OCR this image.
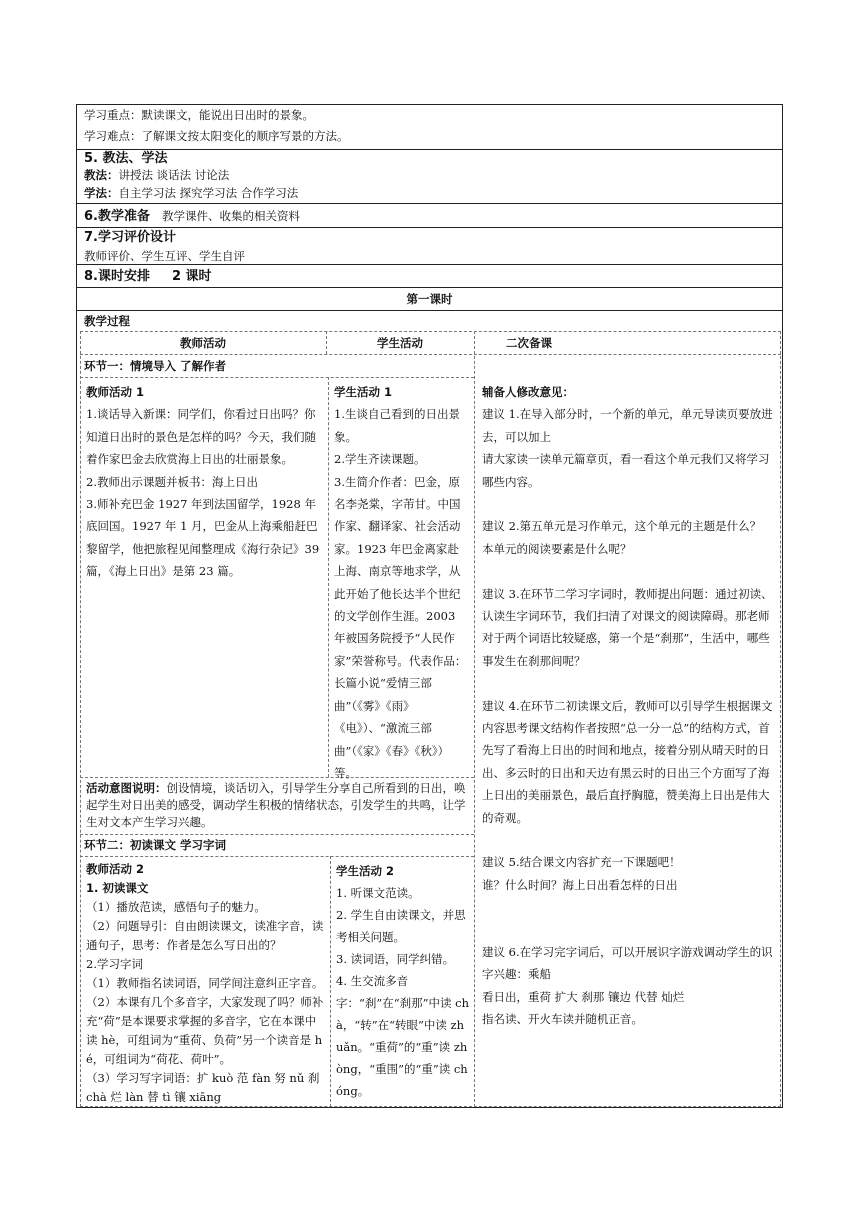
学习重点：默读课文，能说出日出时的景象。
学习难点：了解课文按太阳变化的顺序写景的方法。
5. 教法、学法
教法：讲授法 谈话法 讨论法
学法：自主学习法 探究学习法 合作学习法
6.教学准备 教学课件、收集的相关资料
7.学习评价设计
教师评价、学生互评、学生自评
8.课时安排 2 课时
第一课时
教学过程
教师活动	学生活动	二次备课
环节一：情境导入 了解作者

教师活动 1

1.谈话导入新课：同学们，你看过日出吗？你知道日出时的景色是怎样的吗？今天，我们随着作家巴金去欣赏海上日出的壮丽景象。

2.教师出示课题并板书：海上日出

3.师补充巴金 1927 年到法国留学，1928 年底回国。1927 年 1 月，巴金从上海乘船赶巴黎留学，他把旅程见闻整理成《海行杂记》39 篇，《海上日出》是第 23 篇。

学生活动 1

1.生谈自己看到的日出景象。

2.学生齐读课题。

3.生简介作者：巴金，原名李尧棠，字芾甘。中国作家、翻译家、社会活动家。1923 年巴金离家赴上海、南京等地求学，从此开始了他长达半个世纪的文学创作生涯。2003 年被国务院授予“人民作家”荣誉称号。代表作品：长篇小说“爱情三部曲”（《雾》《雨》《电》）、“激流三部曲”（《家》《春》《秋》）等。

活动意图说明：创设情境，谈话切入，引导学生分享自己所看到的日出，唤起学生对日出美的感受，调动学生积极的情绪状态，引发学生的共鸣，让学生对文本产生学习兴趣。
环节二：初读课文 学习字词

教师活动 2

1. 初读课文

（1）播放范读，感悟句子的魅力。

（2）问题导引：自由朗读课文，读准字音，读通句子，思考：作者是怎么写日出的？

2.学习字词

（1）教师指名读词语，同学间注意纠正字音。

（2）本课有几个多音字，大家发现了吗？师补充“荷”是本课要求掌握的多音字，它在本课中读 hè，可组词为“重荷、负荷”另一个读音是 hé，可组词为“荷花、荷叶”。

（3）学习写字词语：扩 kuò 范 fàn 努 nǔ 刹 chà 烂 làn 替 tì 镶 xiāng

学生活动 2

1. 听课文范读。

2. 学生自由读课文，并思考相关问题。

3. 读词语，同学纠错。

4. 生交流多音字：“刹”在“刹那”中读 chà，“转”在“转眼”中读 zhuǎn。“重荷”的“重”读 zhòng，“重围”的“重”读 chóng。

辅备人修改意见：

建议 1.在导入部分时，一个新的单元，单元导读页要放进去，可以加上

请大家读一读单元篇章页，看一看这个单元我们又将学习哪些内容。

建议 2.第五单元是习作单元，这个单元的主题是什么？

本单元的阅读要素是什么呢？

建议 3.在环节二学习字词时，教师提出问题：通过初读、认读生字词环节，我们扫清了对课文的阅读障碍。那老师对于两个词语比较疑惑，第一个是“刹那”，生活中，哪些事发生在刹那间呢？

建议 4.在环节二初读课文后，教师可以引导学生根据课文内容思考课文结构作者按照“总一分一总”的结构方式，首先写了看海上日出的时间和地点，接着分别从晴天时的日出、多云时的日出和天边有黑云时的日出三个方面写了海上日出的美丽景色，最后直抒胸臆，赞美海上日出是伟大的奇观。

建议 5.结合课文内容扩充一下课题吧！

谁？什么时间？海上日出看怎样的日出

建议 6.在学习完字词后，可以开展识字游戏调动学生的识字兴趣：乘船

看日出，重荷 扩大 刹那 镶边 代替 灿烂

指名读、开火车读并随机正音。
